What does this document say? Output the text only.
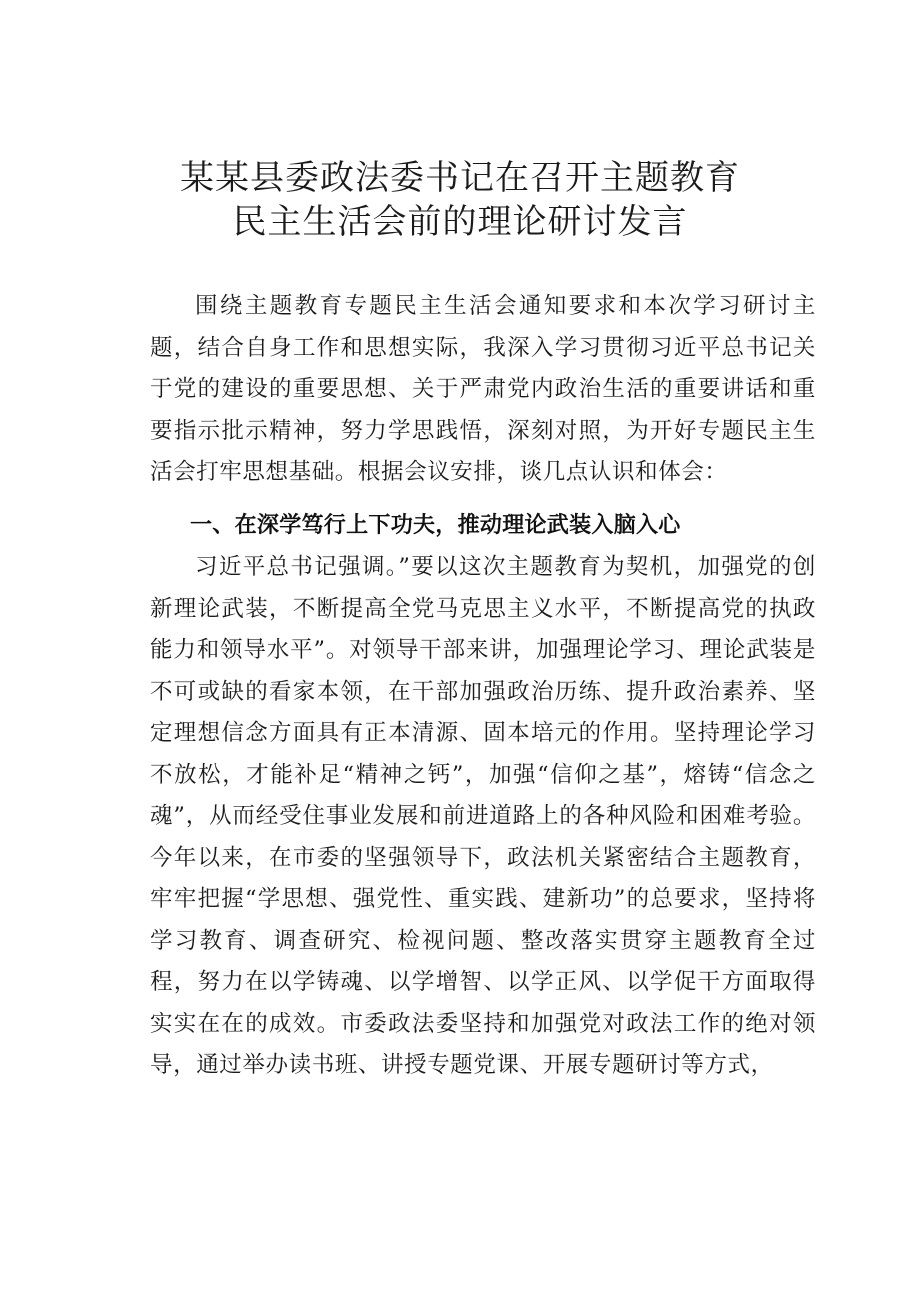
某某县委政法委书记在召开主题教育
民主生活会前的理论研讨发言

围绕主题教育专题民主生活会通知要求和本次学习研讨主题，结合自身工作和思想实际，我深入学习贯彻习近平总书记关于党的建设的重要思想、关于严肃党内政治生活的重要讲话和重要指示批示精神，努力学思践悟，深刻对照，为开好专题民主生活会打牢思想基础。根据会议安排，谈几点认识和体会：

一、在深学笃行上下功夫，推动理论武装入脑入心

习近平总书记强调。”要以这次主题教育为契机，加强党的创新理论武装，不断提高全党马克思主义水平，不断提高党的执政能力和领导水平”。对领导干部来讲，加强理论学习、理论武装是不可或缺的看家本领，在干部加强政治历练、提升政治素养、坚定理想信念方面具有正本清源、固本培元的作用。坚持理论学习不放松，才能补足“精神之钙”，加强“信仰之基”，熔铸“信念之魂”，从而经受住事业发展和前进道路上的各种风险和困难考验。今年以来，在市委的坚强领导下，政法机关紧密结合主题教育，牢牢把握“学思想、强党性、重实践、建新功”的总要求，坚持将学习教育、调查研究、检视问题、整改落实贯穿主题教育全过程，努力在以学铸魂、以学增智、以学正风、以学促干方面取得实实在在的成效。市委政法委坚持和加强党对政法工作的绝对领导，通过举办读书班、讲授专题党课、开展专题研讨等方式，
